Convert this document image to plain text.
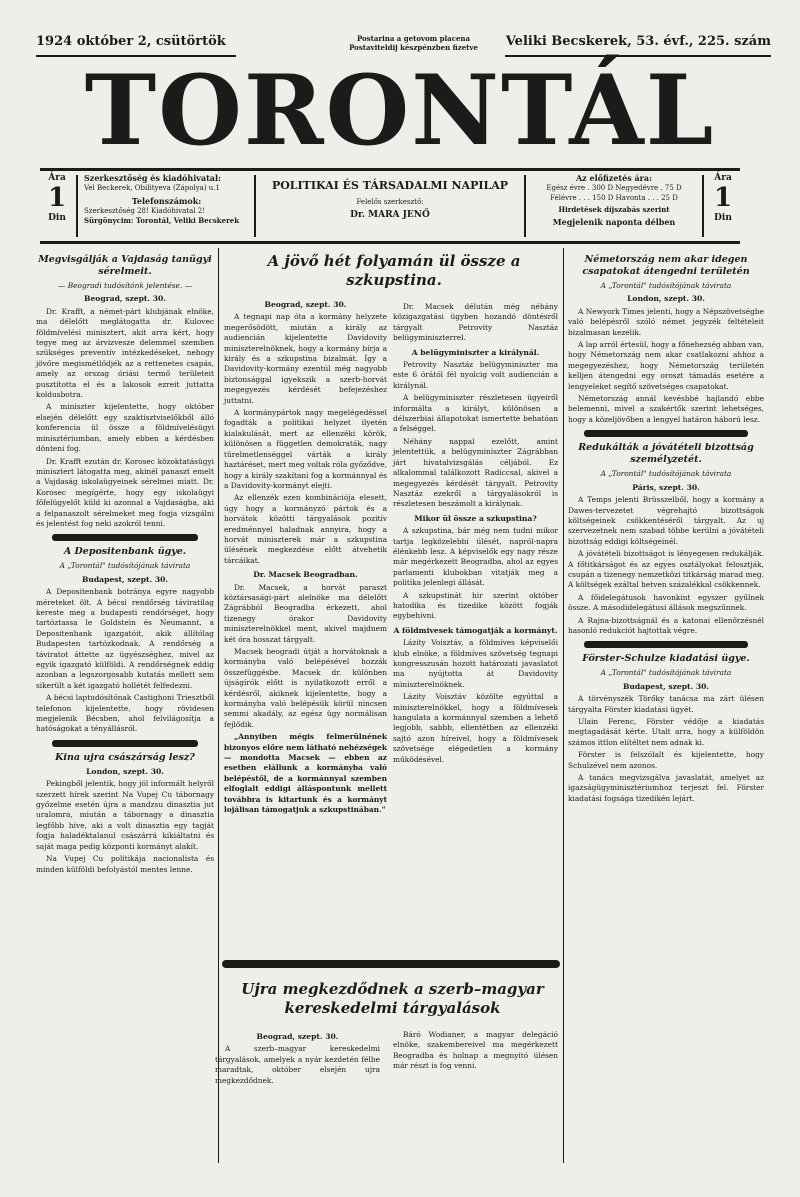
1924 október 2, csütörtök	Postarina a getovom placena
Postaviteldij készpénzben fizetve	Veliki Becskerek, 53. évf., 225. szám
TORONTÁL
Ára
1
Din
Szerkesztőség és kiadóhivatal:
Vel Beckerek, Obilityeva (Zápolya) u.1
Telefonszámok:
Szerkesztőség 28! Kiadóhivatal 2!
Sürgönycim: Torontál, Veliki Becskerek
POLITIKAI ÉS TÁRSADALMI NAPILAP
Felelős szerkesztő:
Dr. MARA JENŐ
Az előfizetés ára:
Egész évre . 300 D Negyedévre . 75 D
Félévre . . . 150 D Havonta . . . 25 D
Hirdetések díjszabás szerint
Megjelenik naponta délben
Ára
1
Din
Megvisgálják a Vajdaság tanügyi sérelmeit.
— Beogradi tudósítónk jelentése. —
Beograd, szept. 30.

Dr. Krafft, a német-párt klubjának elnöke, ma délelőtt meglátogatta dr. Kulovec földmívelési minisztert, akit arra kért, hogy tegye meg az árvizvesze delemmel szemben szükséges preventív intézkedéseket, nehogy jövőre megismétlődjék az a rettenetes csapás, amely az orszag óriási termő területeit pusztította el és a lakosok ezreit juttatta koldusbotra.

A miniszter kijelentette, hogy október elsején délelőtt egy szaktisztviselőkből álló konferencia ül össze a földmívelésügyi minisztériumban, amely ebben a kérdésben dönteni fog.

Dr. Krafft ezután dr. Korosec közoktatásügyi minisztert látogatta meg, akinél panaszt emelt a Vajdaság iskolaügyeinek sérelmei miatt. Dr. Korosec megígérte, hogy egy iskolaügyi főfelügyelőt küld ki azonnal a Vajdaságba, aki a felpanaszolt sérelmeket meg fogja vizsgálni és jelentést fog neki azokról tenni.

A Depositenbank ügye.
A „Torontál" tudósítójának távirata
Budapest, szept. 30.

A Depositenbank botrányа egyre nagyobb méreteket ölt. A bécsi rendőrség táviratilag kereste meg a budapesti rendőrséget, hogy tartóztassa le Goldstein és Neumannt, a Depositenbank igazgatóit, akik állítólag Budapesten tartózkodnak. A rendőrség a táviratot áttette az ügyészséghez, mivel az egyik igazgató külföldi. A rendőrségnek eddig azonban a legszorgosabb kutatás mellett sem sikerült a két igazgató hollétét felfedezni.

A bécsi laptudósítónak Castighoni Triesztből telefonon kijelentette, hogy rövidesen megjelenik Bécsben, ahol felvilágosítja a hatóságokat a tényállásról.

Kina ujra császárság lesz?
London, szept. 30.

Pekingből jelentik, hogy jól informált helyről szerzett hírek szerint Na Vupej Cu tábornagy győzelme esetén újra a mandzsu dinasztia jut uralomra, miután a tábornagy a dinasztia legfőbb híve, aki a volt dinasztia egy tagját fogja haladéktalanul császárrá kikiáltatni és saját maga pedig központi kormányt alakít.

Na Vupej Cu politikája nacionalista és minden külföldi befolyástól mentes lenne.

A jövő hét folyamán ül össze a szkupstina.
Beograd, szept. 30.

A tegnapi nap óta a kormány helyzete megerősödött, miután a király az audiencián kijelentette Davidovity miniszterelnöknek, hogy a kormány bírja a király és a szkupstina bizalmát. Így a Davidovity-kormány ezentúl még nagyobb biztonsággal igyekszik a szerb-horvát megegyezés kérdését befejezéshez juttatni.

A kormánypártok nagy megelégedéssel fogadták a politikai helyzet ilyetén kialakulását, mert az ellenzéki körök, különösen a független demokraták, nagy türelmetlenséggel várták a király haztáréset, mert meg voltak róla győződve, hogy a király szakítani fog a kormánnyal és a Davidovity-kormányt elejti.

Az ellenzék ezen kombinációja elesett, úgy hogy a kormányzó pártok és a horvátok közötti tárgyalások pozitív eredménnyel haladnak annyira, hogy a horvát miniszterek már a szkupstina ülésének megkezdése előtt átvehetik tárcáikat.

Dr. Macsek Beogradban.

Dr. Macsek, a horvát paraszt köztársasági-párt alelnöke ma délelőtt Zágrábból Beogradba érkezett, ahol tizenegy órakor Davidovity miniszterelnökkel ment, akivel majdnem két óra hosszat tárgyalt.

Macsek beogradi útját a horvátoknak a kormányba való belépésével hozzák összefüggésbe. Macsek dr. különben újságírók előtt is nyilatkozott erről a kérdésről, akiknek kijelentette, hogy a kormányba való belépésük körül nincsen semmi akadály, az egész ügy normálisan fejlődik.

„Annyiben mégis felmerülnének bizonyos előre nem látható nehézségek — mondotta Macsek — ebben az esetben elállunk a kormányba való belépéstől, de a kormánnyal szemben elfoglalt eddigi álláspontunk mellett továbbra is kitartunk és a kormányt lojálisan támogatjuk a szkupstinában."

Dr. Macsek délután még néhány közigazgatási ügyben hozandó döntésről tárgyalt Petrovity Nasztáz belügyminiszterrel.

A belügyminiszter a királynál.

Petrovity Nasztáz belügyminiszter ma este 6 órától fél nyolcig volt audiencián a királynál.

A belügyminiszter részletesen ügyeiről informálta a királyt, különösen a délszerbiai állapotokat ismertette behatóan a felséggel.

Néhány nappal ezelőtt, amint jelentettük, a belügyminiszter Zágrábban járt hivatalvizsgálás céljából. Ez alkalommal találkozott Radiccsal, akivel a megegyezés kérdését tárgyalt. Petrovity Nasztáz ezekről a tárgyalásokról is részletesen beszámolt a királynak.

Mikor ül össze a szkupstina?

A szkupstina, bár még nem tudni mikor tartja legközelebbi ülését, napról-napra élénkebb lesz. A képviselők egy nagy része már megérkezett Beogradba, ahol az egyes parlamenti klubokban vitatják meg a politika jelenlegi állását.

A szkupstinát hir szerint október hatodika és tizedike között fogják egybehívni.

A földmivesek támogatják a kormányt.

Lázity Voisztáv, a földmíves képviselői klub elnöke, a földmíves szövetség tegnapi kongresszusán hozott határozati javaslatot ma nyújtotta át Davidovity miniszterelnöknek.

Lázity Voisztáv közölte egyúttal a miniszterelnökkel, hogy a földmívesek hangulata a kormánnyal szemben a lehető legjobb, sabbb, ellentétben az ellenzéki sajtó azon híreivel, hogy a földmívesek szövetsége elégedetlen a kormány működésével.

Németország nem akar idegen csapatokat átengedni területén
A „Torontál" tudósítójának távirata
London, szept. 30.

A Newyork Times jelenti, hogy a Népszövetségbe való belépésről szóló német jegyzék feltételeit bizalmasan kezelik.

A lap arról értesül, hogy a főnehezség abban van, hogy Németország nem akar csatlakozni ahhoz a megegyezéshez, hogy Németország területén kelljen átengedni egy oroszt támadás esetére a lengyeleket segítő szövetséges csapatokat.

Németország annál kevésbbé hajlandó ebbe belemenni, mivel a szakértők szerint lehetséges, hogy a közeljövőben a lengyel határon háború lesz.

Redukálták a jóvátételi bizottság személyzetét.
A „Torontál" tudósítójának távirata
Páris, szept. 30.

A Temps jelenti Brüsszelből, hogy a kormány a Dawes-tervezetet végrehajtó bizottságok költségeinek csökkentéséről tárgyalt. Az uj szervezetnek nem szabad többe kerülni a jóvátételi bizottság eddigi költségeinél.

A jóvátételi bizottságot is lényegesen redukálják. A főtitkárságot és az egyes osztályokat felosztják, csupán a tizenegy nemzetközi titkárság marad meg. A költségek ezáltal hetven százalékkal csökkennek.

A főidelegátusok havonkint egyszer gyűlnek össze. A másodidelegátusi állások megszűnnek.

A Rajna-bizottságnál és a katonai ellenőrzésnél hasonló redukciót hajtottak végre.

Förster-Schulze kiadatási ügye.
A „Torontál" tudósítójának távirata
Budapest, szept. 30.

A törvényszék Törőky tanácsa ma zárt ülésen tárgyalta Förster kiadatási ügyét.

Ulain Ferenc, Förster védője a kiadatás megtagadását kérte. Utalt arra, hogy a külföldön számos ittlon elítéltet nem adnak ki.

Förster is felszólalt és kijelentette, hogy Schulzével nem azonos.

A tanács megvizsgálva javaslatát, amelyet az igazságügyminisztériumhoz terjeszt fel. Förster kiadatási fogsága tizedikén lejárt.

Ujra megkezdődnek a szerb–magyar kereskedelmi tárgyalások
Beograd, szept. 30.

A szerb–magyar kereskedelmi tárgyalások, amelyek a nyár kezdetén félbe maradtak, október elsején ujra megkezdődnek.

Báró Wodianer, a magyar delegáció elnöke, szakembereivel ma megérkezett Beogradba és holnap a megnyitó ülésen már részt is fog venni.
